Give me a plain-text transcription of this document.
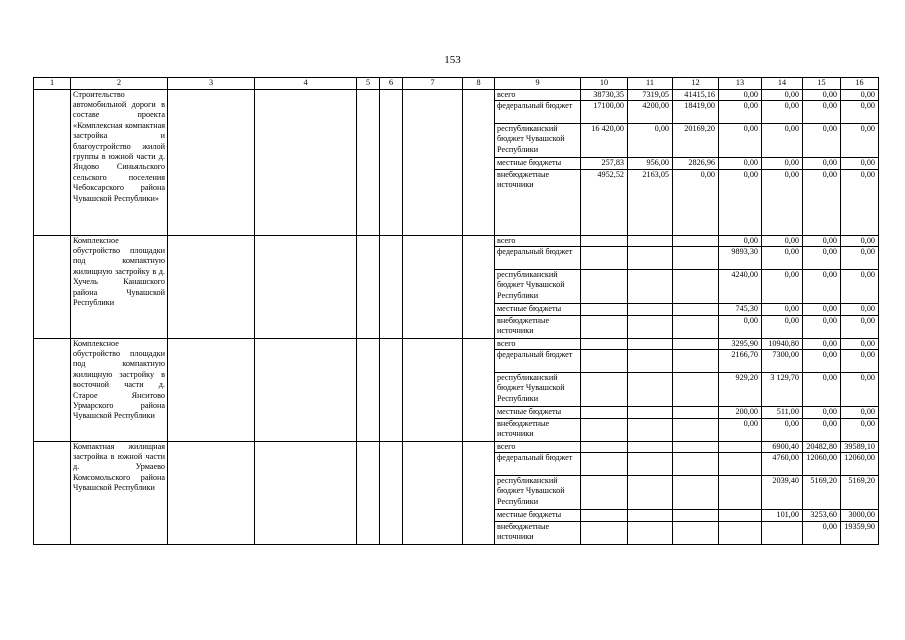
153
1	2	3	4	5	6	7	8	9	10	11	12	13	14	15	16
	Строительство автомобильной дороги в составе проекта «Комплексная компактная застройка и благоустройство жилой группы в южной части д. Яндово Синьяльского сельского поселения Чебоксарского района Чувашской Республики»							всего	38730,35	7319,05	41415,16	0,00	0,00	0,00	0,00
								федеральный бюджет	17100,00	4200,00	18419,00	0,00	0,00	0,00	0,00
								республиканский бюджет Чувашской Республики	16 420,00	0,00	20169,20	0,00	0,00	0,00	0,00
								местные бюджеты	257,83	956,00	2826,96	0,00	0,00	0,00	0,00
								внебюджетные источники	4952,52	2163,05	0,00	0,00	0,00	0,00	0,00
	Комплексное обустройство площадки под компактную жилищную застройку в д. Хучель Канашского района Чувашской Республики							всего				0,00	0,00	0,00	0,00
								федеральный бюджет				9893,30	0,00	0,00	0,00
								республиканский бюджет Чувашской Республики				4240,00	0,00	0,00	0,00
								местные бюджеты				745,30	0,00	0,00	0,00
								внебюджетные источники				0,00	0,00	0,00	0,00
	Комплексное обустройство площадки под компактную жилищную застройку в восточной части д. Старое Янситово Урмарского района Чувашской Республики							всего				3295,90	10940,80	0,00	0,00
								федеральный бюджет				2166,70	7300,00	0,00	0,00
								республиканский бюджет Чувашской Республики				929,20	3 129,70	0,00	0,00
								местные бюджеты				200,00	511,00	0,00	0,00
								внебюджетные источники				0,00	0,00	0,00	0,00
	Компактная жилищная застройка в южной части д. Урмаево Комсомольского района Чувашской Республики							всего					6900,40	20482,80	39589,10
								федеральный бюджет					4760,00	12060,00	12060,00
								республиканский бюджет Чувашской Республики					2039,40	5169,20	5169,20
								местные бюджеты					101,00	3253,60	3000,00
								внебюджетные источники						0,00	19359,90
